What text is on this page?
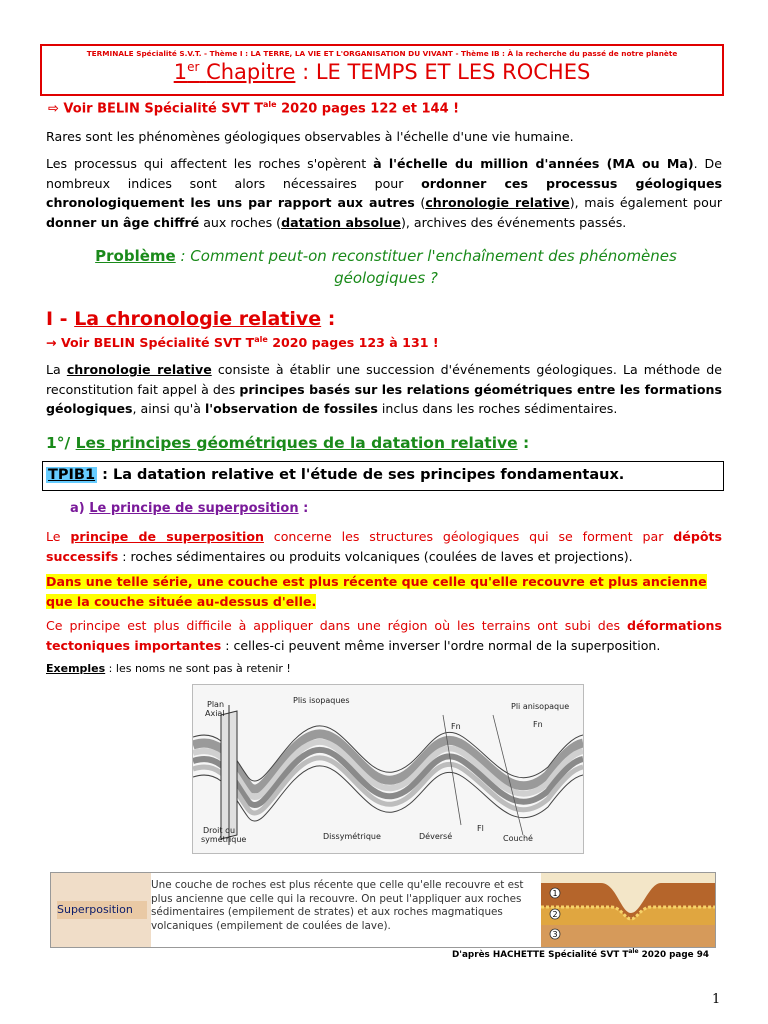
TERMINALE Spécialité S.V.T. - Thème I : LA TERRE, LA VIE ET L'ORGANISATION DU VIVANT - Thème IB : À la recherche du passé de notre planète
1er Chapitre : LE TEMPS ET LES ROCHES
⇨ Voir BELIN Spécialité SVT $T^{ale}$ 2020 pages 122 et 144 !
Rares sont les phénomènes géologiques observables à l'échelle d'une vie humaine.
Les processus qui affectent les roches s'opèrent à l'échelle du million d'années (MA ou Ma). De nombreux indices sont alors nécessaires pour ordonner ces processus géologiques chronologiquement les uns par rapport aux autres (chronologie relative), mais également pour donner un âge chiffré aux roches (datation absolue), archives des événements passés.
Problème : Comment peut-on reconstituer l'enchaînement des phénomènes géologiques ?
I - La chronologie relative :
→ Voir BELIN Spécialité SVT $T^{ale}$ 2020 pages 123 à 131 !
La chronologie relative consiste à établir une succession d'événements géologiques. La méthode de reconstitution fait appel à des principes basés sur les relations géométriques entre les formations géologiques, ainsi qu'à l'observation de fossiles inclus dans les roches sédimentaires.
1°/ Les principes géométriques de la datation relative :
TPIB1 : La datation relative et l'étude de ses principes fondamentaux.
a) Le principe de superposition :
Le principe de superposition concerne les structures géologiques qui se forment par dépôts successifs : roches sédimentaires ou produits volcaniques (coulées de laves et projections).
Dans une telle série, une couche est plus récente que celle qu'elle recouvre et plus ancienne que la couche située au-dessus d'elle.
Ce principe est plus difficile à appliquer dans une région où les terrains ont subi des déformations tectoniques importantes : celles-ci peuvent même inverser l'ordre normal de la superposition.
Exemples : les noms ne sont pas à retenir !
Plan
Axial
Plis isopaques
Pli anisopaque
Fn	Fn
Droit ou
symétrique	Dissymétrique	Déversé
Fl
Couché
Superposition
Une couche de roches est plus récente que celle qu'elle recouvre et est plus ancienne que celle qui la recouvre. On peut l'appliquer aux roches sédimentaires (empilement de strates) et aux roches magmatiques volcaniques (empilement de coulées de lave).
1
2
3
D'après HACHETTE Spécialité SVT $T^{ale}$ 2020 page 94
1
